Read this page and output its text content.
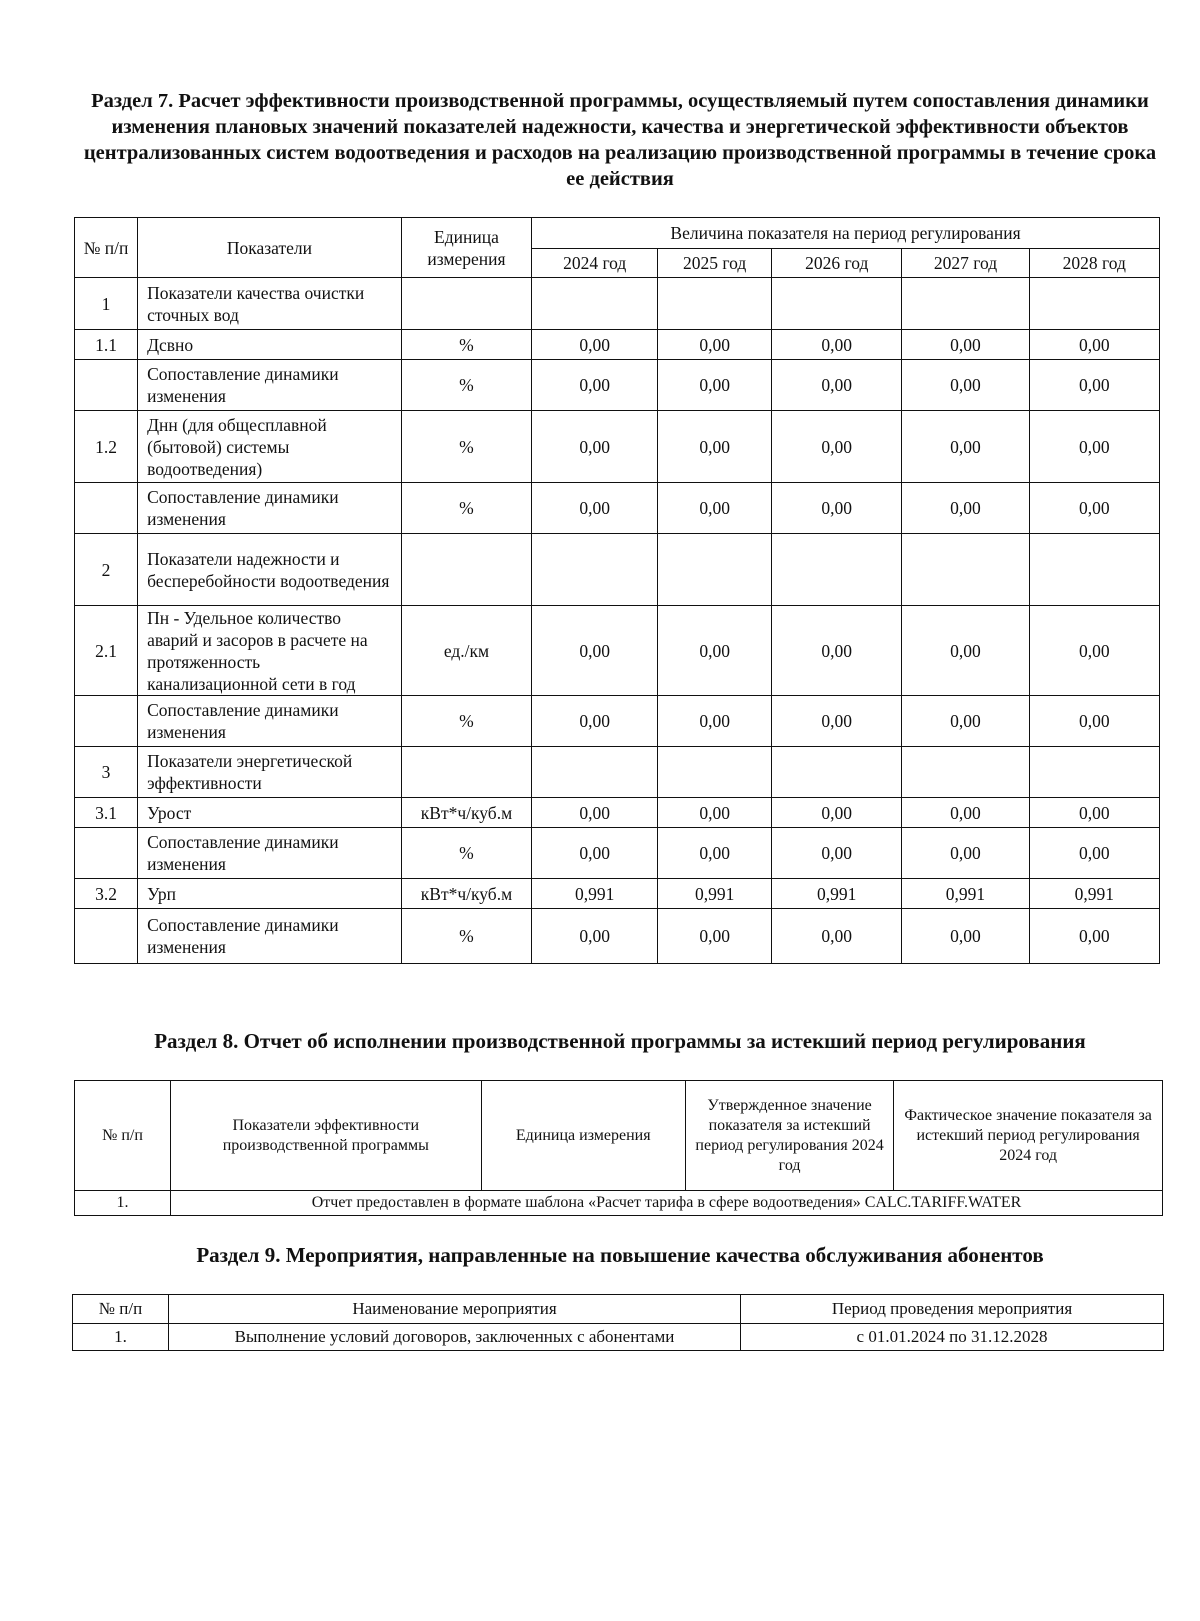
Раздел 7. Расчет эффективности производственной программы, осуществляемый путем сопоставления динамики изменения плановых значений показателей надежности, качества и энергетической эффективности объектов централизованных систем водоотведения и расходов на реализацию производственной программы в течение срока ее действия
№ п/п	Показатели	Единица измерения	Величина показателя на период регулирования				
			2024 год	2025 год	2026 год	2027 год	2028 год
1	Показатели качества очистки сточных вод						
1.1	Дсвно	%	0,00	0,00	0,00	0,00	0,00
	Сопоставление динамики изменения	%	0,00	0,00	0,00	0,00	0,00
1.2	Днн (для общесплавной (бытовой) системы водоотведения)	%	0,00	0,00	0,00	0,00	0,00
	Сопоставление динамики изменения	%	0,00	0,00	0,00	0,00	0,00
2	Показатели надежности и бесперебойности водоотведения						
2.1	Пн - Удельное количество аварий и засоров в расчете на протяженность канализационной сети в год	ед./км	0,00	0,00	0,00	0,00	0,00
	Сопоставление динамики изменения	%	0,00	0,00	0,00	0,00	0,00
3	Показатели энергетической эффективности						
3.1	Урост	кВт*ч/куб.м	0,00	0,00	0,00	0,00	0,00
	Сопоставление динамики изменения	%	0,00	0,00	0,00	0,00	0,00
3.2	Урп	кВт*ч/куб.м	0,991	0,991	0,991	0,991	0,991
	Сопоставление динамики изменения	%	0,00	0,00	0,00	0,00	0,00
Раздел 8. Отчет об исполнении производственной программы за истекший период регулирования
№ п/п	Показатели эффективности производственной программы	Единица измерения	Утвержденное значение показателя за истекший период регулирования 2024 год	Фактическое значение показателя за истекший период регулирования 2024 год
1.	Отчет предоставлен в формате шаблона «Расчет тарифа в сфере водоотведения» CALC.TARIFF.WATER			
Раздел 9. Мероприятия, направленные на повышение качества обслуживания абонентов
№ п/п	Наименование мероприятия	Период проведения мероприятия
1.	Выполнение условий договоров, заключенных с абонентами	с 01.01.2024 по 31.12.2028
